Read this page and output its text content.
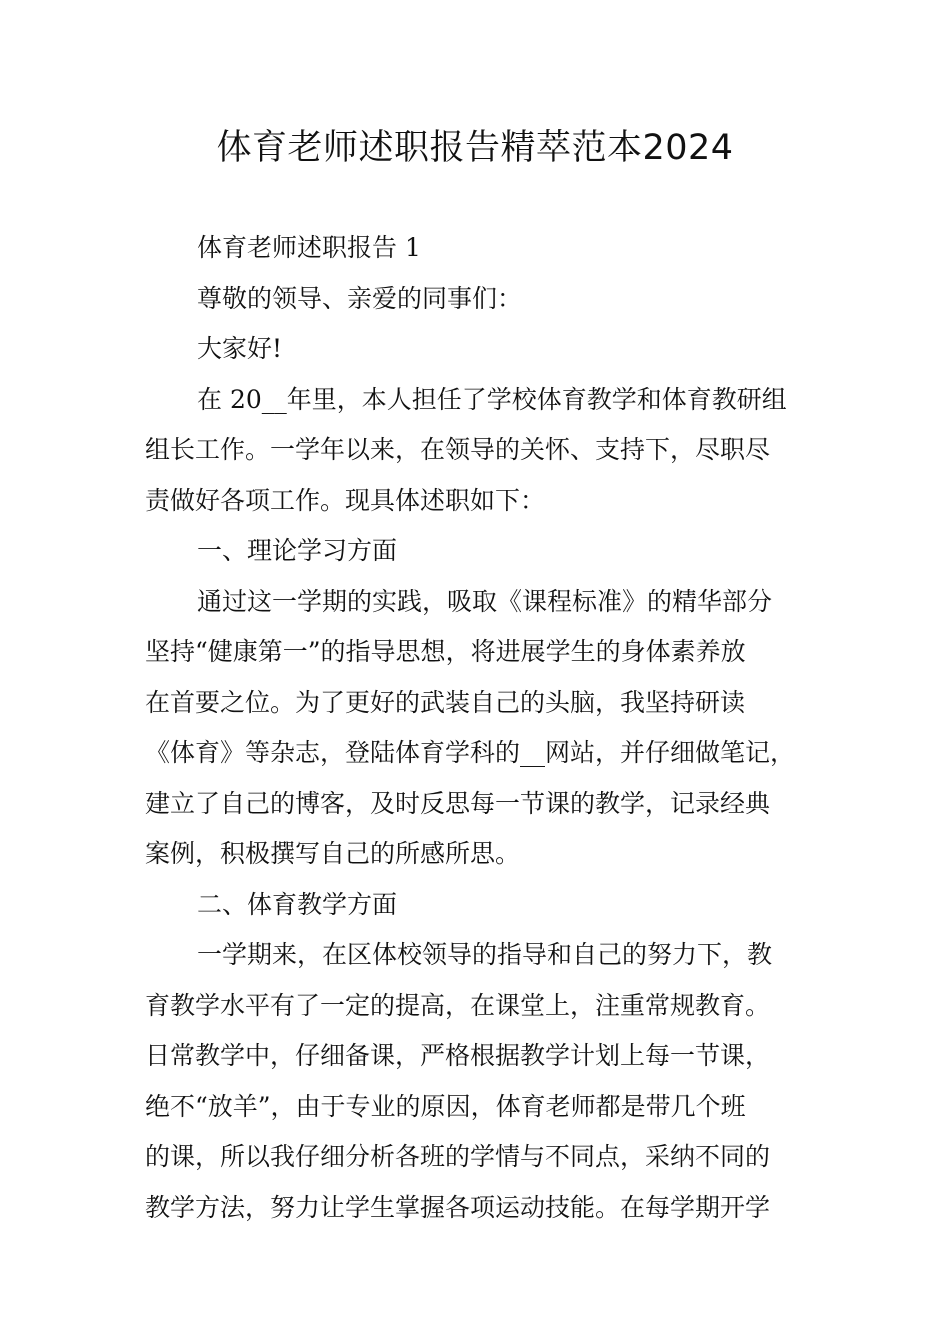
体育老师述职报告精萃范本2024

体育老师述职报告 1

尊敬的领导、亲爱的同事们：

大家好!

在 20__年里，本人担任了学校体育教学和体育教研组

组长工作。一学年以来，在领导的关怀、支持下，尽职尽

责做好各项工作。现具体述职如下：

一、理论学习方面

通过这一学期的实践，吸取《课程标准》的精华部分

坚持“健康第一”的指导思想，将进展学生的身体素养放

在首要之位。为了更好的武装自己的头脑，我坚持研读

《体育》等杂志，登陆体育学科的__网站，并仔细做笔记，

建立了自己的博客，及时反思每一节课的教学，记录经典

案例，积极撰写自己的所感所思。

二、体育教学方面

一学期来，在区体校领导的指导和自己的努力下，教

育教学水平有了一定的提高，在课堂上，注重常规教育。

日常教学中，仔细备课，严格根据教学计划上每一节课，

绝不“放羊”，由于专业的原因，体育老师都是带几个班

的课，所以我仔细分析各班的学情与不同点，采纳不同的

教学方法，努力让学生掌握各项运动技能。在每学期开学
